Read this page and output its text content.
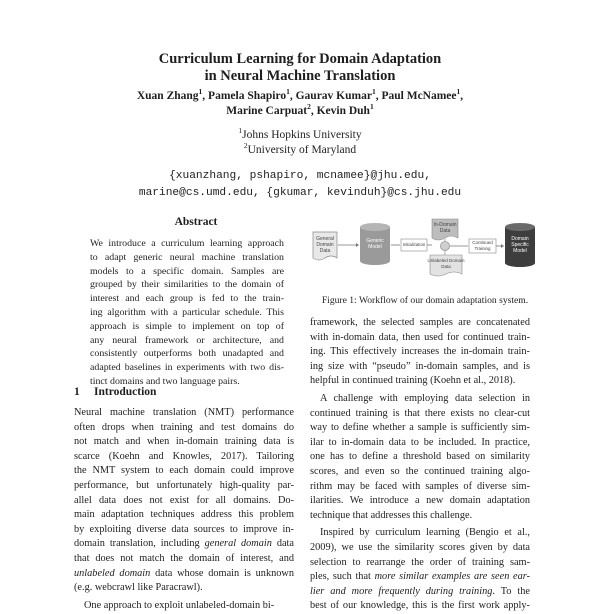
Curriculum Learning for Domain Adaptation
in Neural Machine Translation
Xuan Zhang$^1$, Pamela Shapiro$^1$, Gaurav Kumar$^1$, Paul McNamee$^1$,
Marine Carpuat$^2$, Kevin Duh$^1$
$^1$Johns Hopkins University
$^2$University of Maryland
{xuanzhang, pshapiro, mcnamee}@jhu.edu,
marine@cs.umd.edu, {gkumar, kevinduh}@cs.jhu.edu
Abstract
We introduce a curriculum learning approach
to adapt generic neural machine translation
models to a specific domain. Samples are
grouped by their similarities to the domain of
interest and each group is fed to the train-
ing algorithm with a particular schedule. This
approach is simple to implement on top of
any neural framework or architecture, and
consistently outperforms both unadapted and
adapted baselines in experiments with two dis-
tinct domains and two language pairs.
General
Domain
Data
Generic
Model	Initialization
In-Domain
Data
Unlabeled Domain
Data
Continued
Training
Domain
Specific
Model
Figure 1: Workflow of our domain adaptation system.
1 Introduction
Neural machine translation (NMT) performance
often drops when training and test domains do
not match and when in-domain training data is
scarce (Koehn and Knowles, 2017). Tailoring
the NMT system to each domain could improve
performance, but unfortunately high-quality par-
allel data does not exist for all domains. Do-
main adaptation techniques address this problem
by exploiting diverse data sources to improve in-
domain translation, including general domain data
that does not match the domain of interest, and
unlabeled domain data whose domain is unknown
(e.g. webcrawl like Paracrawl).
One approach to exploit unlabeled-domain bi-
framework, the selected samples are concatenated
with in-domain data, then used for continued train-
ing. This effectively increases the in-domain train-
ing size with “pseudo” in-domain samples, and is
helpful in continued training (Koehn et al., 2018).
A challenge with employing data selection in
continued training is that there exists no clear-cut
way to define whether a sample is sufficiently sim-
ilar to in-domain data to be included. In practice,
one has to define a threshold based on similarity
scores, and even so the continued training algo-
rithm may be faced with samples of diverse sim-
ilarities. We introduce a new domain adaptation
technique that addresses this challenge.
Inspired by curriculum learning (Bengio et al.,
2009), we use the similarity scores given by data
selection to rearrange the order of training sam-
ples, such that more similar examples are seen ear-
lier and more frequently during training. To the
best of our knowledge, this is the first work apply-
